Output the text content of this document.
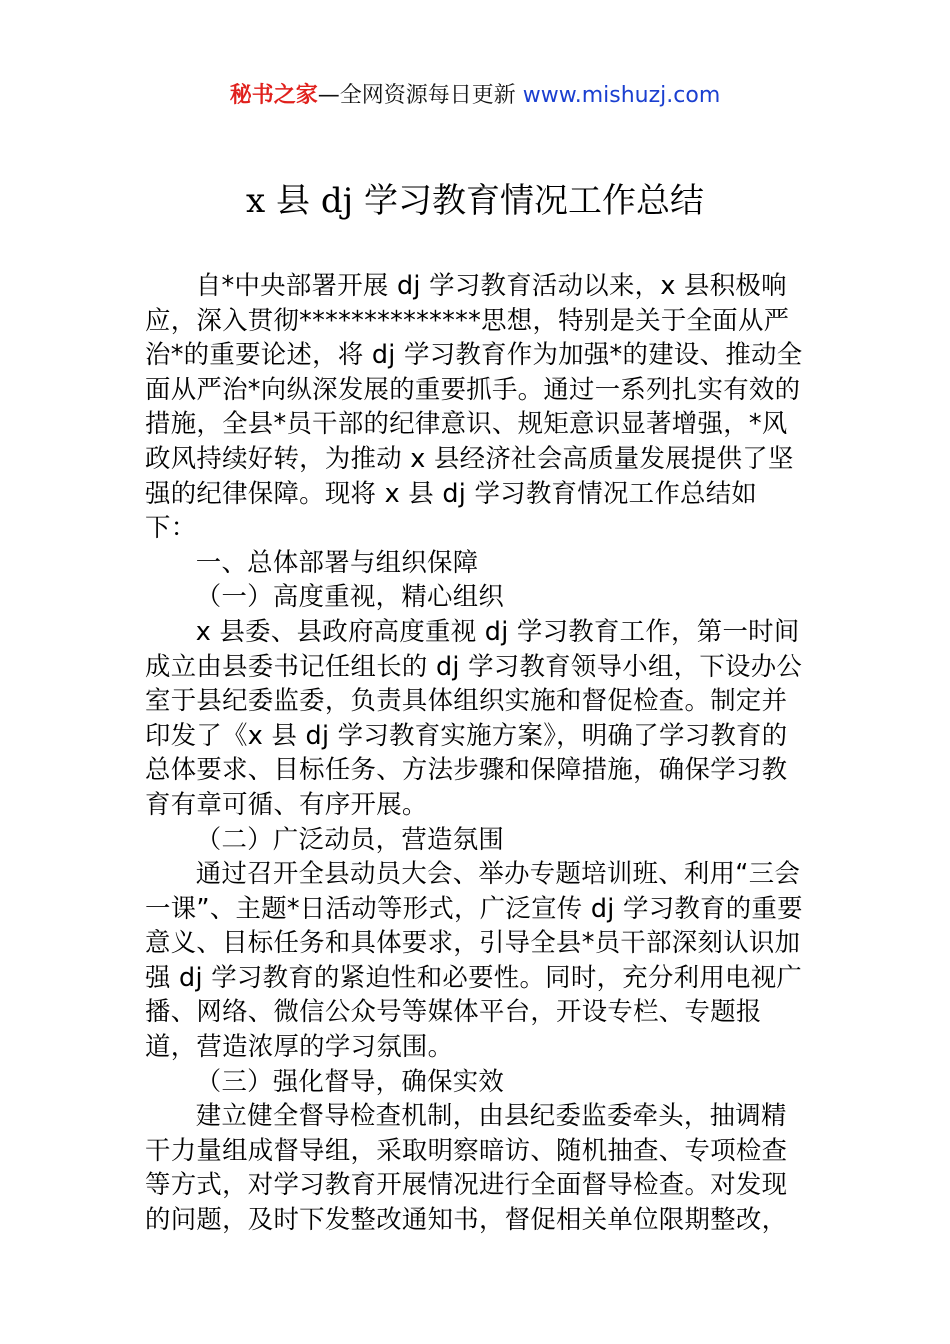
秘书之家—全网资源每日更新 www.mishuzj.com
x 县 dj 学习教育情况工作总结

自*中央部署开展 dj 学习教育活动以来，x 县积极响应，深入贯彻**************思想，特别是关于全面从严治*的重要论述，将 dj 学习教育作为加强*的建设、推动全面从严治*向纵深发展的重要抓手。通过一系列扎实有效的措施，全县*员干部的纪律意识、规矩意识显著增强，*风政风持续好转，为推动 x 县经济社会高质量发展提供了坚强的纪律保障。现将 x 县 dj 学习教育情况工作总结如下：

一、总体部署与组织保障

（一）高度重视，精心组织

x 县委、县政府高度重视 dj 学习教育工作，第一时间成立由县委书记任组长的 dj 学习教育领导小组，下设办公室于县纪委监委，负责具体组织实施和督促检查。制定并印发了《x 县 dj 学习教育实施方案》，明确了学习教育的总体要求、目标任务、方法步骤和保障措施，确保学习教育有章可循、有序开展。

（二）广泛动员，营造氛围

通过召开全县动员大会、举办专题培训班、利用“三会一课”、主题*日活动等形式，广泛宣传 dj 学习教育的重要意义、目标任务和具体要求，引导全县*员干部深刻认识加强 dj 学习教育的紧迫性和必要性。同时，充分利用电视广播、网络、微信公众号等媒体平台，开设专栏、专题报道，营造浓厚的学习氛围。

（三）强化督导，确保实效

建立健全督导检查机制，由县纪委监委牵头，抽调精干力量组成督导组，采取明察暗访、随机抽查、专项检查等方式，对学习教育开展情况进行全面督导检查。对发现的问题，及时下发整改通知书，督促相关单位限期整改，
